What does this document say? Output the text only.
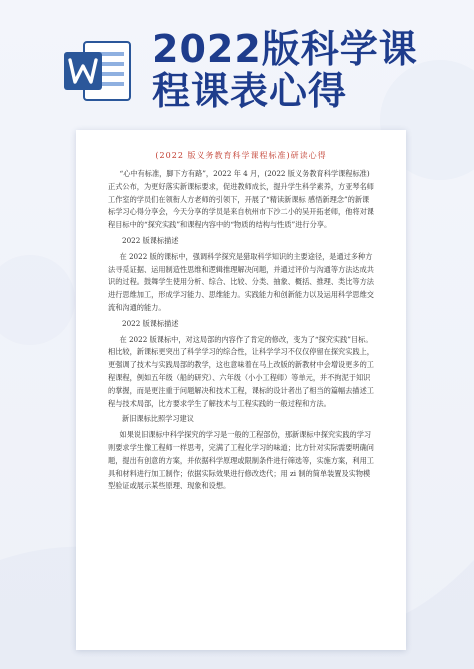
2022版科学课
程课表心得
(2022 版义务教育科学课程标准)研读心得

“心中有标准，脚下方有路”，2022 年 4 月，(2022 版义务教育科学课程标准)正式公布，为更好落实新课标要求，促进教师成长，提升学生科学素养，方亚琴名师工作室的学员们在领衔人方老师的引领下，开展了“精读新课标 感悟新理念”的新课标学习心得分享会，今天分享的学员是来自杭州市下沙二小的吴开拓老师，他将对课程目标中的“探究实践”和课程内容中的“物质的结构与性质”进行分享。

2022 版课标描述

在 2022 版的课标中，强调科学探究是猎取科学知识的主要途径，是通过多种方法寻觅证据、运用制造性思维和逻辑推理解决问题，并通过评价与沟通等方法达成共识的过程。鼓舞学生使用分析、综合、比较、分类、抽象、概括、推理、类比等方法进行思维加工，形成学习能力、思维能力。实践能力和创新能力以及运用科学思维交流和沟通的能力。

2022 版课标描述

在 2022 版课标中，对这局部的内容作了肯定的修改，变为了“探究实践”目标。相比较，新课标更突出了科学学习的综合性，让科学学习不仅仅停留在探究实践上，更强调了技术与实践局部的教学，这也意味着在马上改版的新教材中会增设更多的工程课程，例如五年级（船的研究）、六年级（小小工程师）等单元，并不拘泥于知识的掌握，而是更注重于问题解决和技术工程，课标的设计者出了相当的篇幅去描述工程与技术局部，比方要求学生了解技术与工程实践的一般过程和方法。

新旧课标比照学习建议

如果说旧课标中科学探究的学习是一般的工程部份，那新课标中探究实践的学习则要求学生像工程师一样思考，完满了工程化学习的味道；比方针对实际需要明确问题，提出有创意的方案，并依据科学原理或限制条件进行筛选等，实施方案，利用工具和材料进行加工制作；依据实际效果进行修改迭代；用 zi 制的简单装置及实物模型验证或展示某些原理、现象和设想。
